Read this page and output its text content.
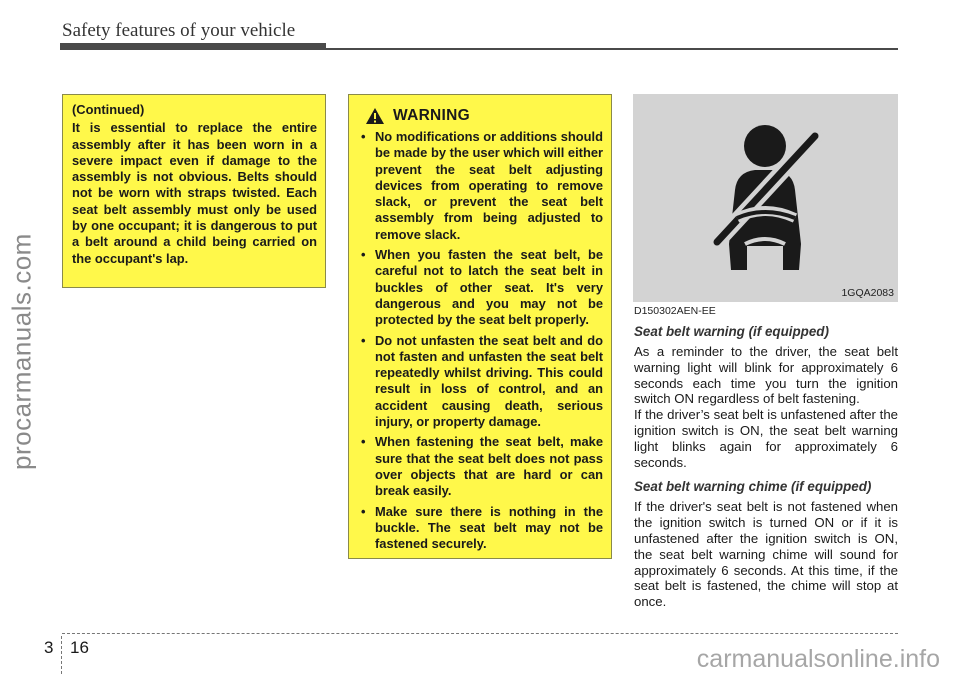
Safety features of your vehicle
(Continued)
It is essential to replace the entire assembly after it has been worn in a severe impact even if damage to the assembly is not obvious. Belts should not be worn with straps twisted. Each seat belt assembly must only be used by one occupant; it is dangerous to put a belt around a child being carried on the occupant's lap.
WARNING
• No modifications or additions should be made by the user which will either prevent the seat belt adjusting devices from operating to remove slack, or prevent the seat belt assembly from being adjusted to remove slack.
• When you fasten the seat belt, be careful not to latch the seat belt in buckles of other seat. It's very dangerous and you may not be protected by the seat belt properly.
• Do not unfasten the seat belt and do not fasten and unfasten the seat belt repeatedly whilst driving. This could result in loss of control, and an accident causing death, serious injury, or property damage.
• When fastening the seat belt, make sure that the seat belt does not pass over objects that are hard or can break easily.
• Make sure there is nothing in the buckle. The seat belt may not be fastened securely.
1GQA2083
D150302AEN-EE
Seat belt warning (if equipped)

As a reminder to the driver, the seat belt warning light will blink for approximately 6 seconds each time you turn the ignition switch ON regardless of belt fastening.

If the driver’s seat belt is unfastened after the ignition switch is ON, the seat belt warning light blinks again for approximately 6 seconds.

Seat belt warning chime (if equipped)

If the driver's seat belt is not fastened when the ignition switch is turned ON or if it is unfastened after the ignition switch is ON, the seat belt warning chime will sound for approximately 6 seconds. At this time, if the seat belt is fastened, the chime will stop at once.

3 16
procarmanuals.com
carmanualsonline.info
